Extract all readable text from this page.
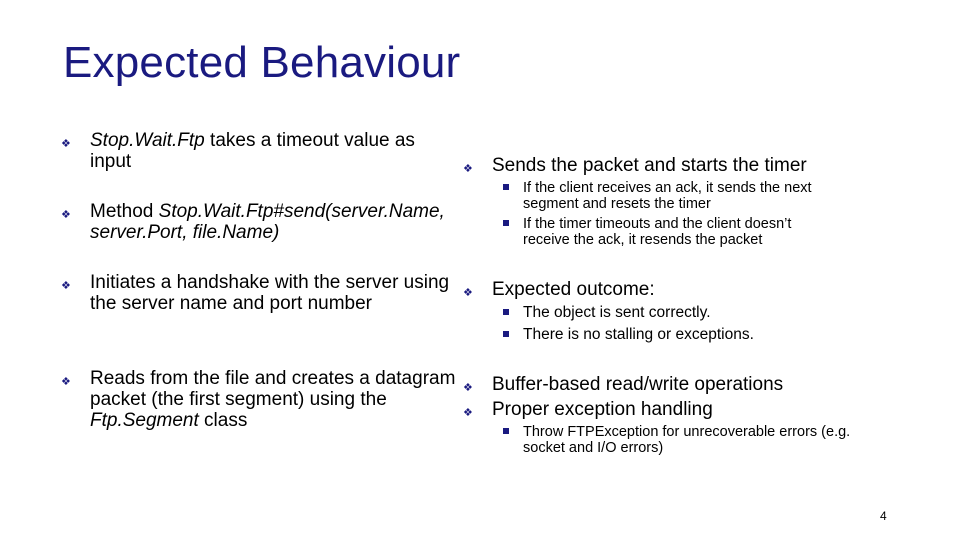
Expected Behaviour
❖ Stop.Wait.Ftp takes a timeout value as input
❖ Method Stop.Wait.Ftp#send(server.Name, server.Port, file.Name)
❖ Initiates a handshake with the server using the server name and port number
❖ Reads from the file and creates a datagram packet (the first segment) using the Ftp.Segment class
❖ Sends the packet and starts the timer
If the client receives an ack, it sends the next segment and resets the timer
If the timer timeouts and the client doesn’t receive the ack, it resends the packet
❖ Expected outcome:
The object is sent correctly.
There is no stalling or exceptions.
❖ Buffer-based read/write operations
❖ Proper exception handling
Throw FTPException for unrecoverable errors (e.g. socket and I/O errors)
4
